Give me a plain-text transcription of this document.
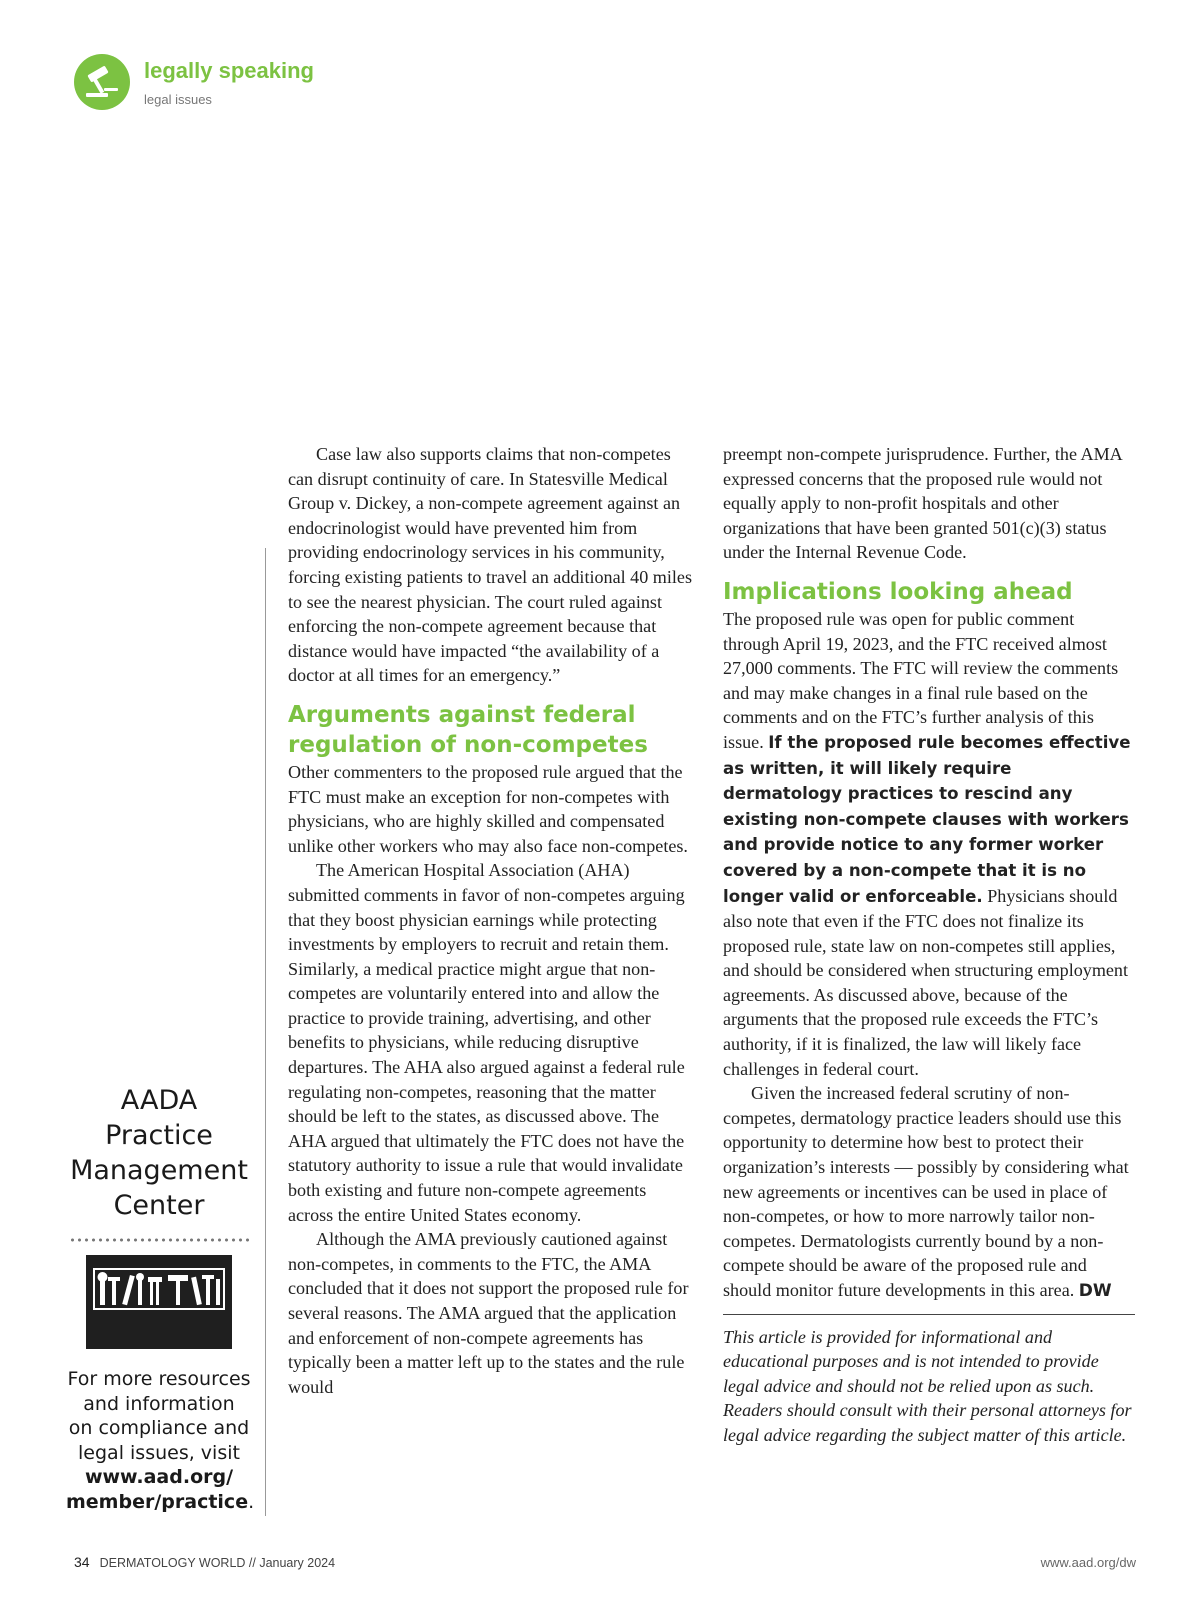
legally speaking
legal issues
AADA
Practice
Management
Center
For more resources
and information
on compliance and
legal issues, visit
www.aad.org/
member/practice.

Case law also supports claims that non-competes can disrupt continuity of care. In Statesville Medical Group v. Dickey, a non-compete agreement against an endocrinologist would have prevented him from providing endocrinology services in his community, forcing existing patients to travel an additional 40 miles to see the nearest physician. The court ruled against enforcing the non-compete agreement because that distance would have impacted “the availability of a doctor at all times for an emergency.”

Arguments against federal regulation of non-competes

Other commenters to the proposed rule argued that the FTC must make an exception for non-competes with physicians, who are highly skilled and compensated unlike other workers who may also face non-competes.

The American Hospital Association (AHA) submitted comments in favor of non-competes arguing that they boost physician earnings while protecting investments by employers to recruit and retain them. Similarly, a medical practice might argue that non-competes are voluntarily entered into and allow the practice to provide training, advertising, and other benefits to physicians, while reducing disruptive departures. The AHA also argued against a federal rule regulating non-competes, reasoning that the matter should be left to the states, as discussed above. The AHA argued that ultimately the FTC does not have the statutory authority to issue a rule that would invalidate both existing and future non-compete agreements across the entire United States economy.

Although the AMA previously cautioned against non-competes, in comments to the FTC, the AMA concluded that it does not support the proposed rule for several reasons. The AMA argued that the application and enforcement of non-compete agreements has typically been a matter left up to the states and the rule would

preempt non-compete jurisprudence. Further, the AMA expressed concerns that the proposed rule would not equally apply to non-profit hospitals and other organizations that have been granted 501(c)(3) status under the Internal Revenue Code.

Implications looking ahead

The proposed rule was open for public comment through April 19, 2023, and the FTC received almost 27,000 comments. The FTC will review the comments and may make changes in a final rule based on the comments and on the FTC’s further analysis of this issue. If the proposed rule becomes effective as written, it will likely require dermatology practices to rescind any existing non-compete clauses with workers and provide notice to any former worker covered by a non-compete that it is no longer valid or enforceable. Physicians should also note that even if the FTC does not finalize its proposed rule, state law on non-competes still applies, and should be considered when structuring employment agreements. As discussed above, because of the arguments that the proposed rule exceeds the FTC’s authority, if it is finalized, the law will likely face challenges in federal court.

Given the increased federal scrutiny of non-competes, dermatology practice leaders should use this opportunity to determine how best to protect their organization’s interests — possibly by considering what new agreements or incentives can be used in place of non-competes, or how to more narrowly tailor non-competes. Dermatologists currently bound by a non-compete should be aware of the proposed rule and should monitor future developments in this area. DW

This article is provided for informational and educational purposes and is not intended to provide legal advice and should not be relied upon as such. Readers should consult with their personal attorneys for legal advice regarding the subject matter of this article.

34 DERMATOLOGY WORLD // January 2024	www.aad.org/dw
